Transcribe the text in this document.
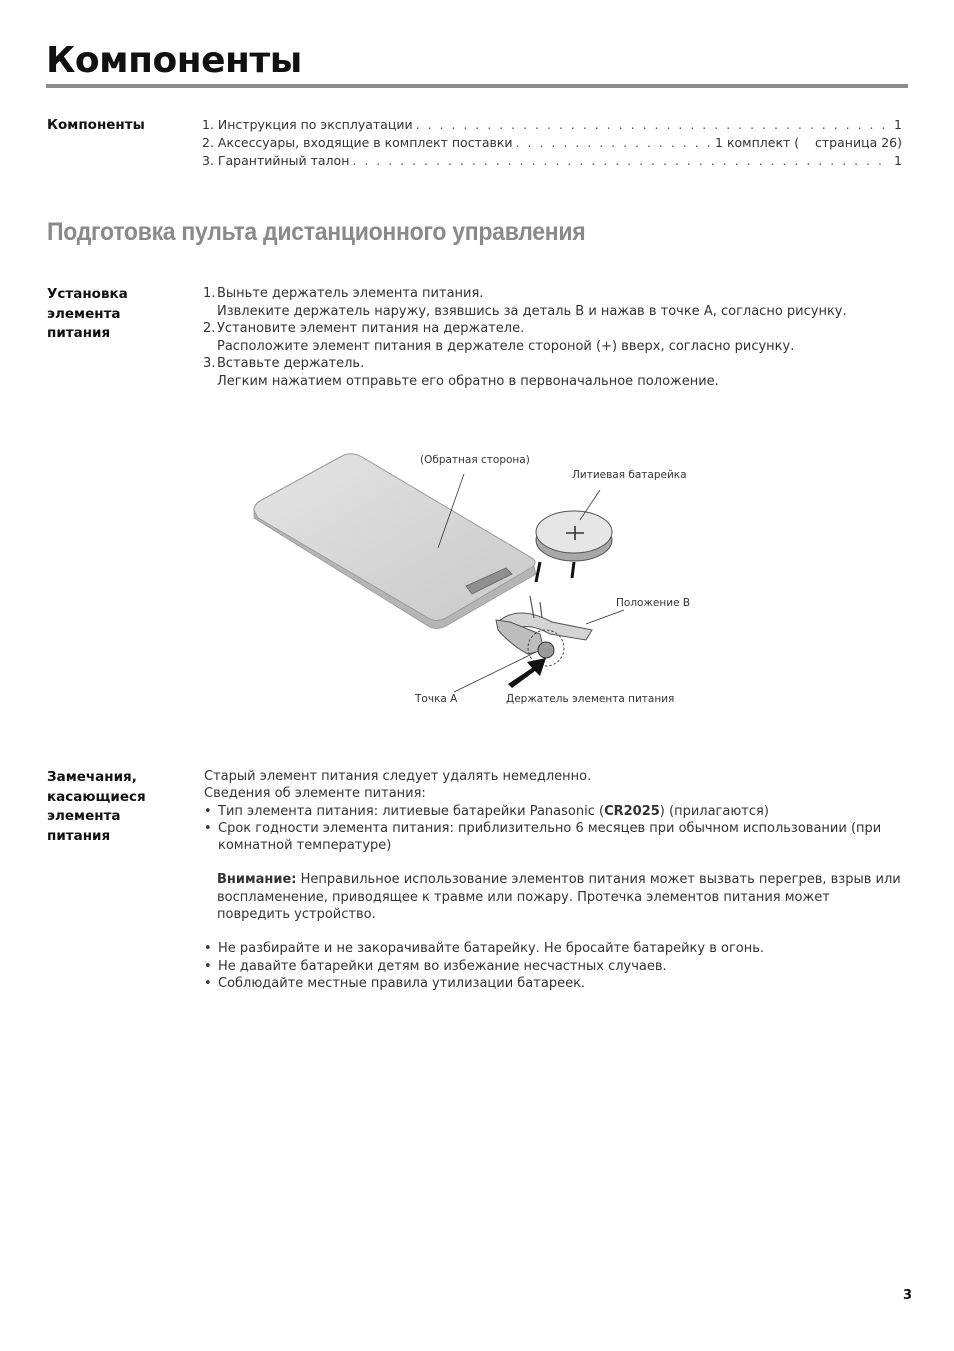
Компоненты
Компоненты	1. Инструкция по эксплуатации . . .	1
2. Аксессуары, входящие в комплект поставки . . .	1 комплект (    страница 26)
3. Гарантийный талон . . .	1
Подготовка пульта дистанционного управления
Установка элемента питания
1. Выньте держатель элемента питания.
Извлеките держатель наружу, взявшись за деталь B и нажав в точке A, согласно рисунку.
2. Установите элемент питания на держателе.
Расположите элемент питания в держателе стороной (+) вверх, согласно рисунку.
3. Вставьте держатель.
Легким нажатием отправьте его обратно в первоначальное положение.
(Обратная сторона)
Литиевая батарейка
Положение B
Точка A	Держатель элемента питания
Замечания, касающиеся элемента питания
Старый элемент питания следует удалять немедленно.
Сведения об элементе питания:
• Тип элемента питания: литиевые батарейки Panasonic (CR2025) (прилагаются)
• Срок годности элемента питания: приблизительно 6 месяцев при обычном использовании (при комнатной температуре)
Внимание: Неправильное использование элементов питания может вызвать перегрев, взрыв или воспламенение, приводящее к травме или пожару. Протечка элементов питания может повредить устройство.
• Не разбирайте и не закорачивайте батарейку. Не бросайте батарейку в огонь.
• Не давайте батарейки детям во избежание несчастных случаев.
• Соблюдайте местные правила утилизации батареек.
3
